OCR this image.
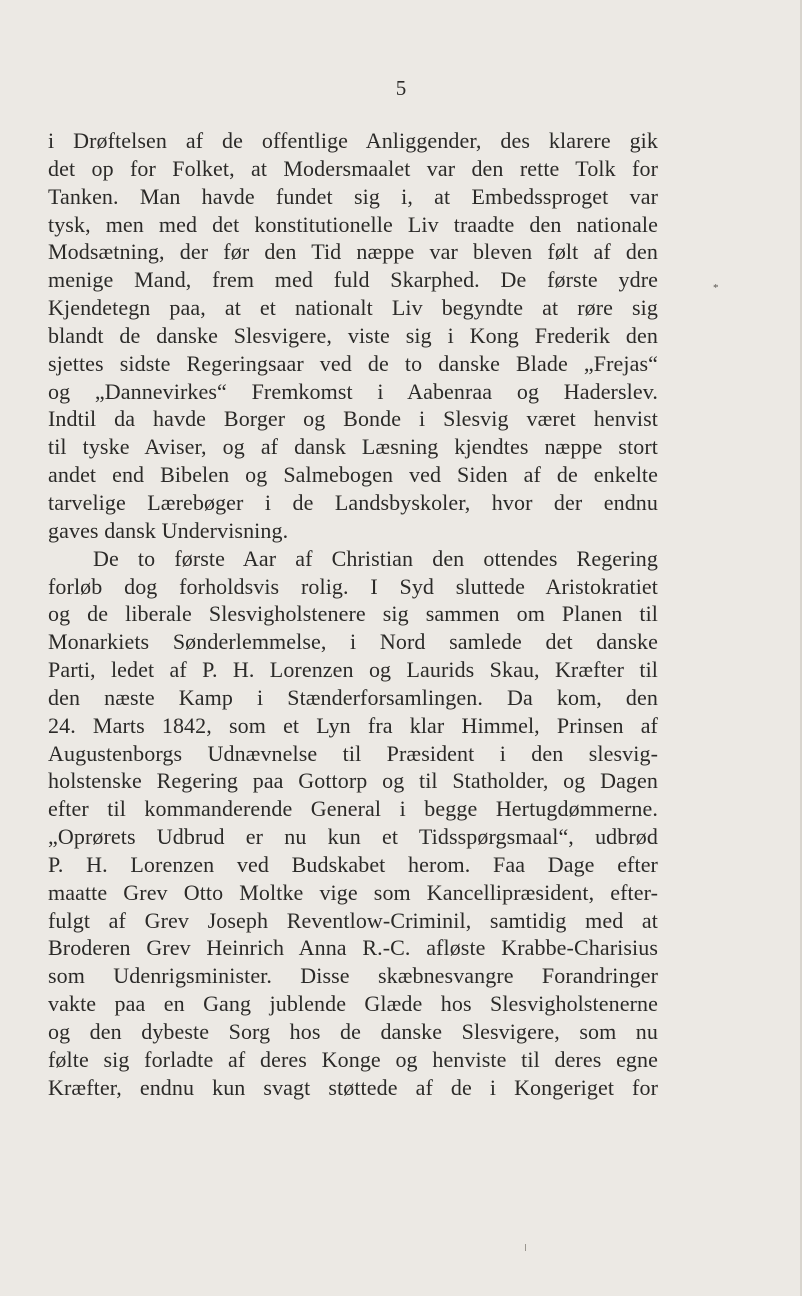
5
i Drøftelsen af de offentlige Anliggender, des klarere gik
det op for Folket, at Modersmaalet var den rette Tolk for
Tanken. Man havde fundet sig i, at Embedssproget var
tysk, men med det konstitutionelle Liv traadte den nationale
Modsætning, der før den Tid næppe var bleven følt af den
menige Mand, frem med fuld Skarphed. De første ydre
Kjendetegn paa, at et nationalt Liv begyndte at røre sig
blandt de danske Slesvigere, viste sig i Kong Frederik den
sjettes sidste Regeringsaar ved de to danske Blade „Frejas“
og „Dannevirkes“ Fremkomst i Aabenraa og Haderslev.
Indtil da havde Borger og Bonde i Slesvig været henvist
til tyske Aviser, og af dansk Læsning kjendtes næppe stort
andet end Bibelen og Salmebogen ved Siden af de enkelte
tarvelige Lærebøger i de Landsbyskoler, hvor der endnu
gaves dansk Undervisning.
De to første Aar af Christian den ottendes Regering
forløb dog forholdsvis rolig. I Syd sluttede Aristokratiet
og de liberale Slesvigholstenere sig sammen om Planen til
Monarkiets Sønderlemmelse, i Nord samlede det danske
Parti, ledet af P. H. Lorenzen og Laurids Skau, Kræfter til
den næste Kamp i Stænderforsamlingen. Da kom, den
24. Marts 1842, som et Lyn fra klar Himmel, Prinsen af
Augustenborgs Udnævnelse til Præsident i den slesvig-
holstenske Regering paa Gottorp og til Statholder, og Dagen
efter til kommanderende General i begge Hertugdømmerne.
„Oprørets Udbrud er nu kun et Tidsspørgsmaal“, udbrød
P. H. Lorenzen ved Budskabet herom. Faa Dage efter
maatte Grev Otto Moltke vige som Kancellipræsident, efter-
fulgt af Grev Joseph Reventlow-Criminil, samtidig med at
Broderen Grev Heinrich Anna R.-C. afløste Krabbe-Charisius
som Udenrigsminister. Disse skæbnesvangre Forandringer
vakte paa en Gang jublende Glæde hos Slesvigholstenerne
og den dybeste Sorg hos de danske Slesvigere, som nu
følte sig forladte af deres Konge og henviste til deres egne
Kræfter, endnu kun svagt støttede af de i Kongeriget for
*
